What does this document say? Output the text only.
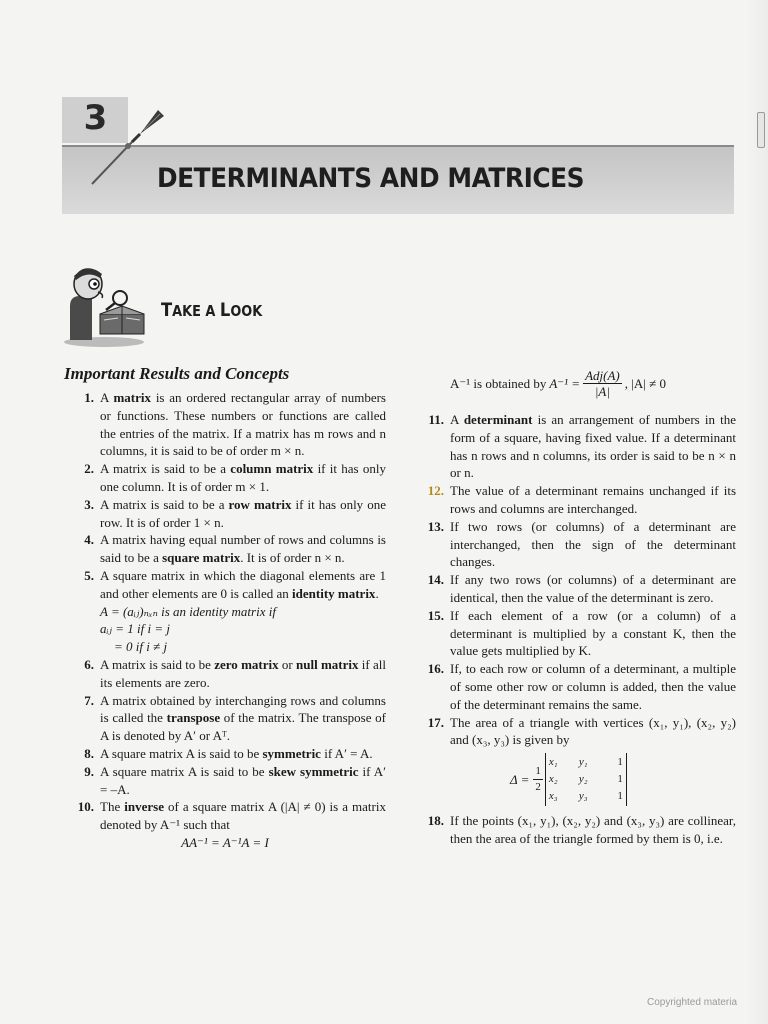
3
DETERMINANTS AND MATRICES
TAKE A LOOK
Important Results and Concepts	A⁻¹ is obtained by $A^{-1} = \frac{\text{Adj(A)}}{|A|}$ , |A| ≠ 0
1. A matrix is an ordered rectangular array of numbers or functions. These numbers or functions are called the entries of the matrix. If a matrix has m rows and n columns, it is said to be of order m × n.
2. A matrix is said to be a column matrix if it has only one column. It is of order m × 1.
3. A matrix is said to be a row matrix if it has only one row. It is of order 1 × n.
4. A matrix having equal number of rows and columns is said to be a square matrix. It is of order n × n.
5. A square matrix in which the diagonal elements are 1 and other elements are 0 is called an identity matrix.
A = (aᵢⱼ)ₙₓₙ is an identity matrix if
aᵢⱼ = 1 if i = j
= 0 if i ≠ j
6. A matrix is said to be zero matrix or null matrix if all its elements are zero.
7. A matrix obtained by interchanging rows and columns is called the transpose of the matrix. The transpose of A is denoted by A′ or Aᵀ.
8. A square matrix A is said to be symmetric if A′ = A.
9. A square matrix A is said to be skew symmetric if A′ = –A.
10. The inverse of a square matrix A (|A| ≠ 0) is a matrix denoted by A⁻¹ such that
AA⁻¹ = A⁻¹A = I
11. A determinant is an arrangement of numbers in the form of a square, having fixed value. If a determinant has n rows and n columns, its order is said to be n × n or n.
12. The value of a determinant remains unchanged if its rows and columns are interchanged.
13. If two rows (or columns) of a determinant are interchanged, then the sign of the determinant changes.
14. If any two rows (or columns) of a determinant are identical, then the value of the determinant is zero.
15. If each element of a row (or a column) of a determinant is multiplied by a constant K, then the value gets multiplied by K.
16. If, to each row or column of a determinant, a multiple of some other row or column is added, then the value of the determinant remains the same.
17. The area of a triangle with vertices (x₁, y₁), (x₂, y₂) and (x₃, y₃) is given by
$\Delta = \frac{1}{2}$
x₁	y₁	1
x₂	y₂	1
x₃	y₃	1
18. If the points (x₁, y₁), (x₂, y₂) and (x₃, y₃) are collinear, then the area of the triangle formed by them is 0, i.e.
Copyrighted materia
